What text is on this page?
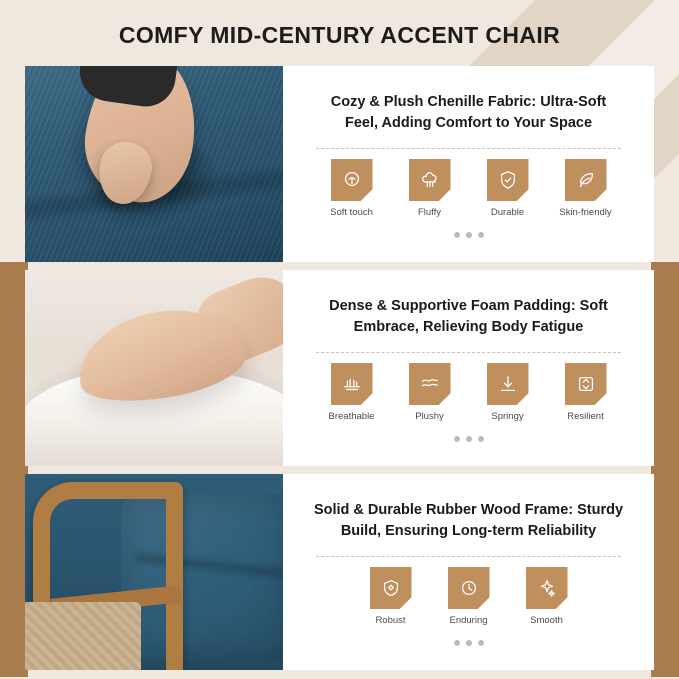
COMFY MID-CENTURY ACCENT CHAIR
Cozy & Plush Chenille Fabric: Ultra-Soft Feel, Adding Comfort to Your Space
Soft touch	Fluffy	Durable	Skin-friendly
Dense & Supportive Foam Padding: Soft Embrace, Relieving Body Fatigue
Breathable	Plushy	Springy	Resilient
Solid & Durable Rubber Wood Frame: Sturdy Build, Ensuring Long-term Reliability
Robust	Enduring	Smooth
